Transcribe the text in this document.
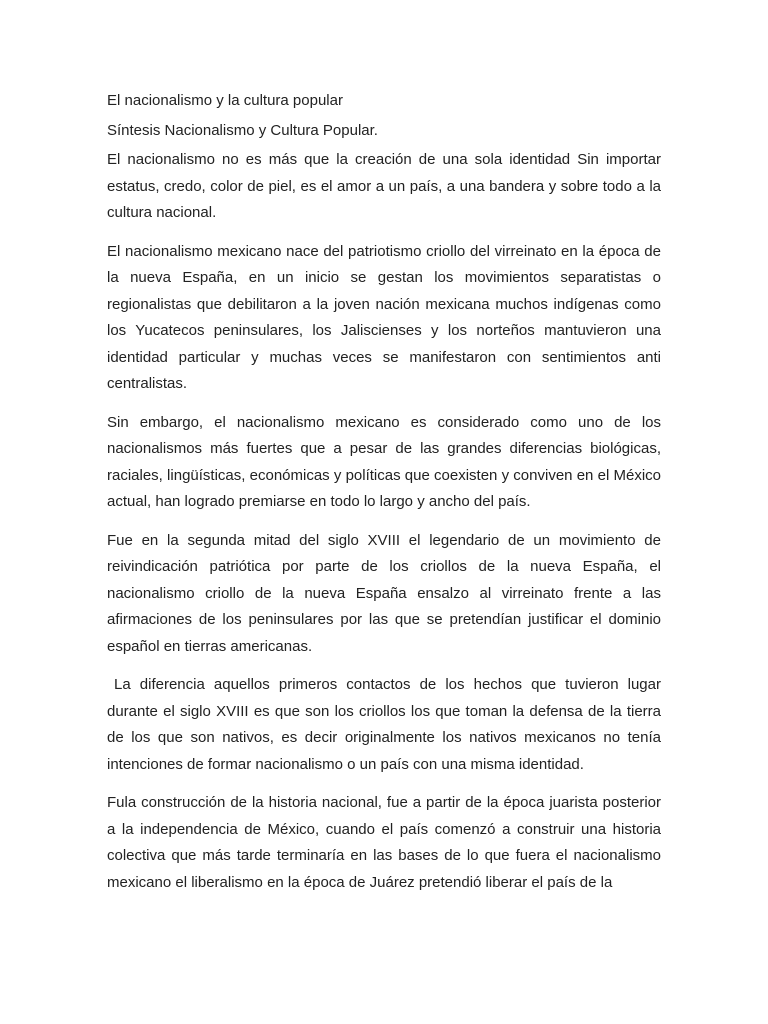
El nacionalismo y la cultura popular

Síntesis Nacionalismo y Cultura Popular.

El nacionalismo no es más que la creación de una sola identidad Sin importar estatus, credo, color de piel, es el amor a un país, a una bandera y sobre todo a la cultura nacional.

El nacionalismo mexicano nace del patriotismo criollo del virreinato en la época de la nueva España, en un inicio se gestan los movimientos separatistas o regionalistas que debilitaron a la joven nación mexicana muchos indígenas como los Yucatecos peninsulares, los Jaliscienses y los norteños mantuvieron una identidad particular y muchas veces se manifestaron con sentimientos anti centralistas.

Sin embargo, el nacionalismo mexicano es considerado como uno de los nacionalismos más fuertes que a pesar de las grandes diferencias biológicas, raciales, lingüísticas, económicas y políticas que coexisten y conviven en el México actual, han logrado premiarse en todo lo largo y ancho del país.

Fue en la segunda mitad del siglo XVIII el legendario de un movimiento de reivindicación patriótica por parte de los criollos de la nueva España, el nacionalismo criollo de la nueva España ensalzo al virreinato frente a las afirmaciones de los peninsulares por las que se pretendían justificar el dominio español en tierras americanas.

La diferencia aquellos primeros contactos de los hechos que tuvieron lugar durante el siglo XVIII es que son los criollos los que toman la defensa de la tierra de los que son nativos, es decir originalmente los nativos mexicanos no tenía intenciones de formar nacionalismo o un país con una misma identidad.

Fula construcción de la historia nacional, fue a partir de la época juarista posterior a la independencia de México, cuando el país comenzó a construir una historia colectiva que más tarde terminaría en las bases de lo que fuera el nacionalismo mexicano el liberalismo en la época de Juárez pretendió liberar el país de la
